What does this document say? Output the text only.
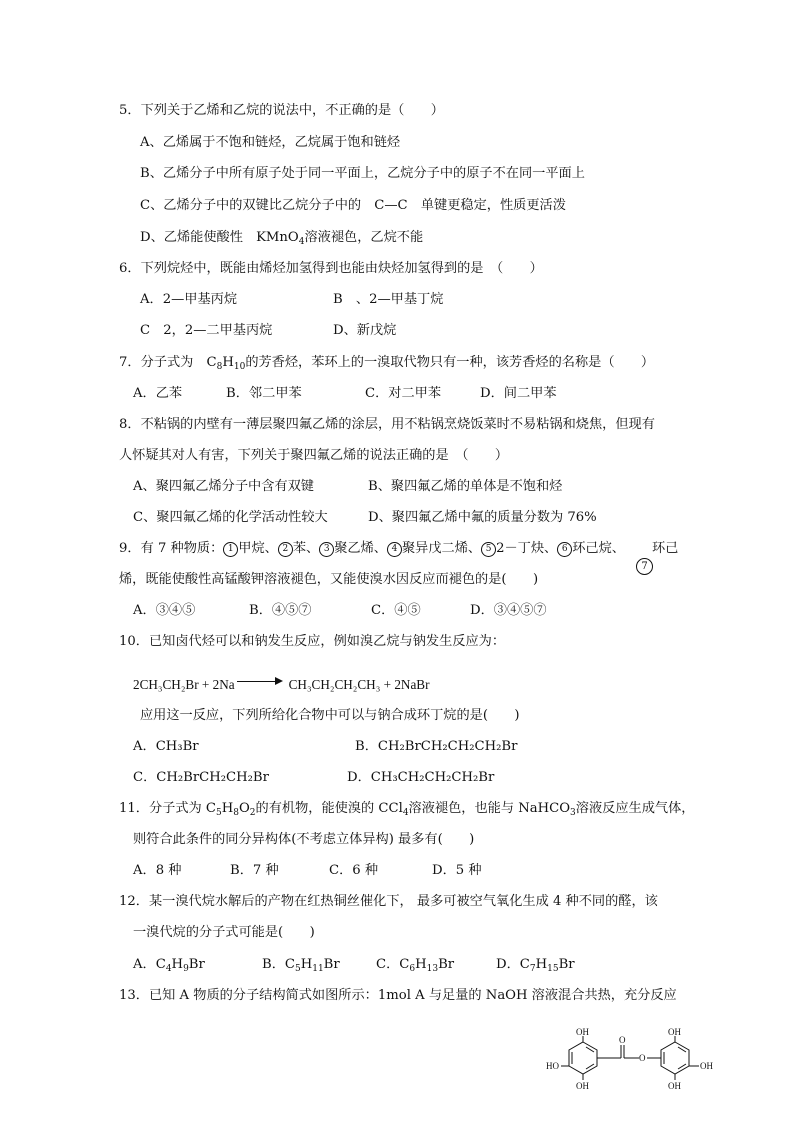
5．下列关于乙烯和乙烷的说法中，不正确的是（　　）
A、乙烯属于不饱和链烃，乙烷属于饱和链烃
B、乙烯分子中所有原子处于同一平面上，乙烷分子中的原子不在同一平面上
C、乙烯分子中的双键比乙烷分子中的　C—C　单键更稳定，性质更活泼
D、乙烯能使酸性　KMnO$_4$溶液褪色，乙烷不能
6．下列烷烃中，既能由烯烃加氢得到也能由炔烃加氢得到的是　（　　）
A．2—甲基丙烷	B　、2—甲基丁烷
C　2，2—二甲基丙烷	D、新戊烷
7．分子式为　$C_8H_{10}$的芳香烃，苯环上的一溴取代物只有一种，该芳香烃的名称是（　　）
A．乙苯	B．邻二甲苯	C．对二甲苯	D．间二甲苯
8．不粘锅的内壁有一薄层聚四氟乙烯的涂层，用不粘锅烹烧饭菜时不易粘锅和烧焦，但现有
人怀疑其对人有害，下列关于聚四氟乙烯的说法正确的是　（　　）
A、聚四氟乙烯分子中含有双键	B、聚四氟乙烯的单体是不饱和烃
C、聚四氟乙烯的化学活动性较大	D、聚四氟乙烯中氟的质量分数为 76%
9．有 7 种物质： 1 甲烷、 2 苯、 3 聚乙烯、 4 聚异戊二烯、 5 2－丁炔、 6 环己烷、
7
环己
烯，既能使酸性高锰酸钾溶液褪色，又能使溴水因反应而褪色的是(　　)
A．③④⑤	B．④⑤⑦	C．④⑤	D．③④⑤⑦
10．已知卤代烃可以和钠发生反应，例如溴乙烷与钠发生反应为：
2CH₃CH₂Br + 2Na	CH₃CH₂CH₂CH₃ + 2NaBr
应用这一反应，下列所给化合物中可以与钠合成环丁烷的是(　　)
A．CH₃Br	B．CH₂BrCH₂CH₂CH₂Br
C．CH₂BrCH₂CH₂Br	D．CH₃CH₂CH₂CH₂Br
11．分子式为 $C_5H_8O_2$的有机物，能使溴的 CCl$_4$溶液褪色，也能与 NaHCO$_3$溶液反应生成气体，
则符合此条件的同分异构体(不考虑立体异构) 最多有(　　)
A．8 种	B．7 种	C．6 种	D．5 种
12．某一溴代烷水解后的产物在红热铜丝催化下， 最多可被空气氧化生成 4 种不同的醛，该
一溴代烷的分子式可能是(　　)
A．$C_4H_9Br$	B．$C_5H_{11}Br$	C．$C_6H_{13}Br$	D．$C_7H_{15}Br$
13．已知 A 物质的分子结构简式如图所示：1mol A 与足量的 NaOH 溶液混合共热，充分反应
OH
HO
OH
O
O
OH
OH
OH
